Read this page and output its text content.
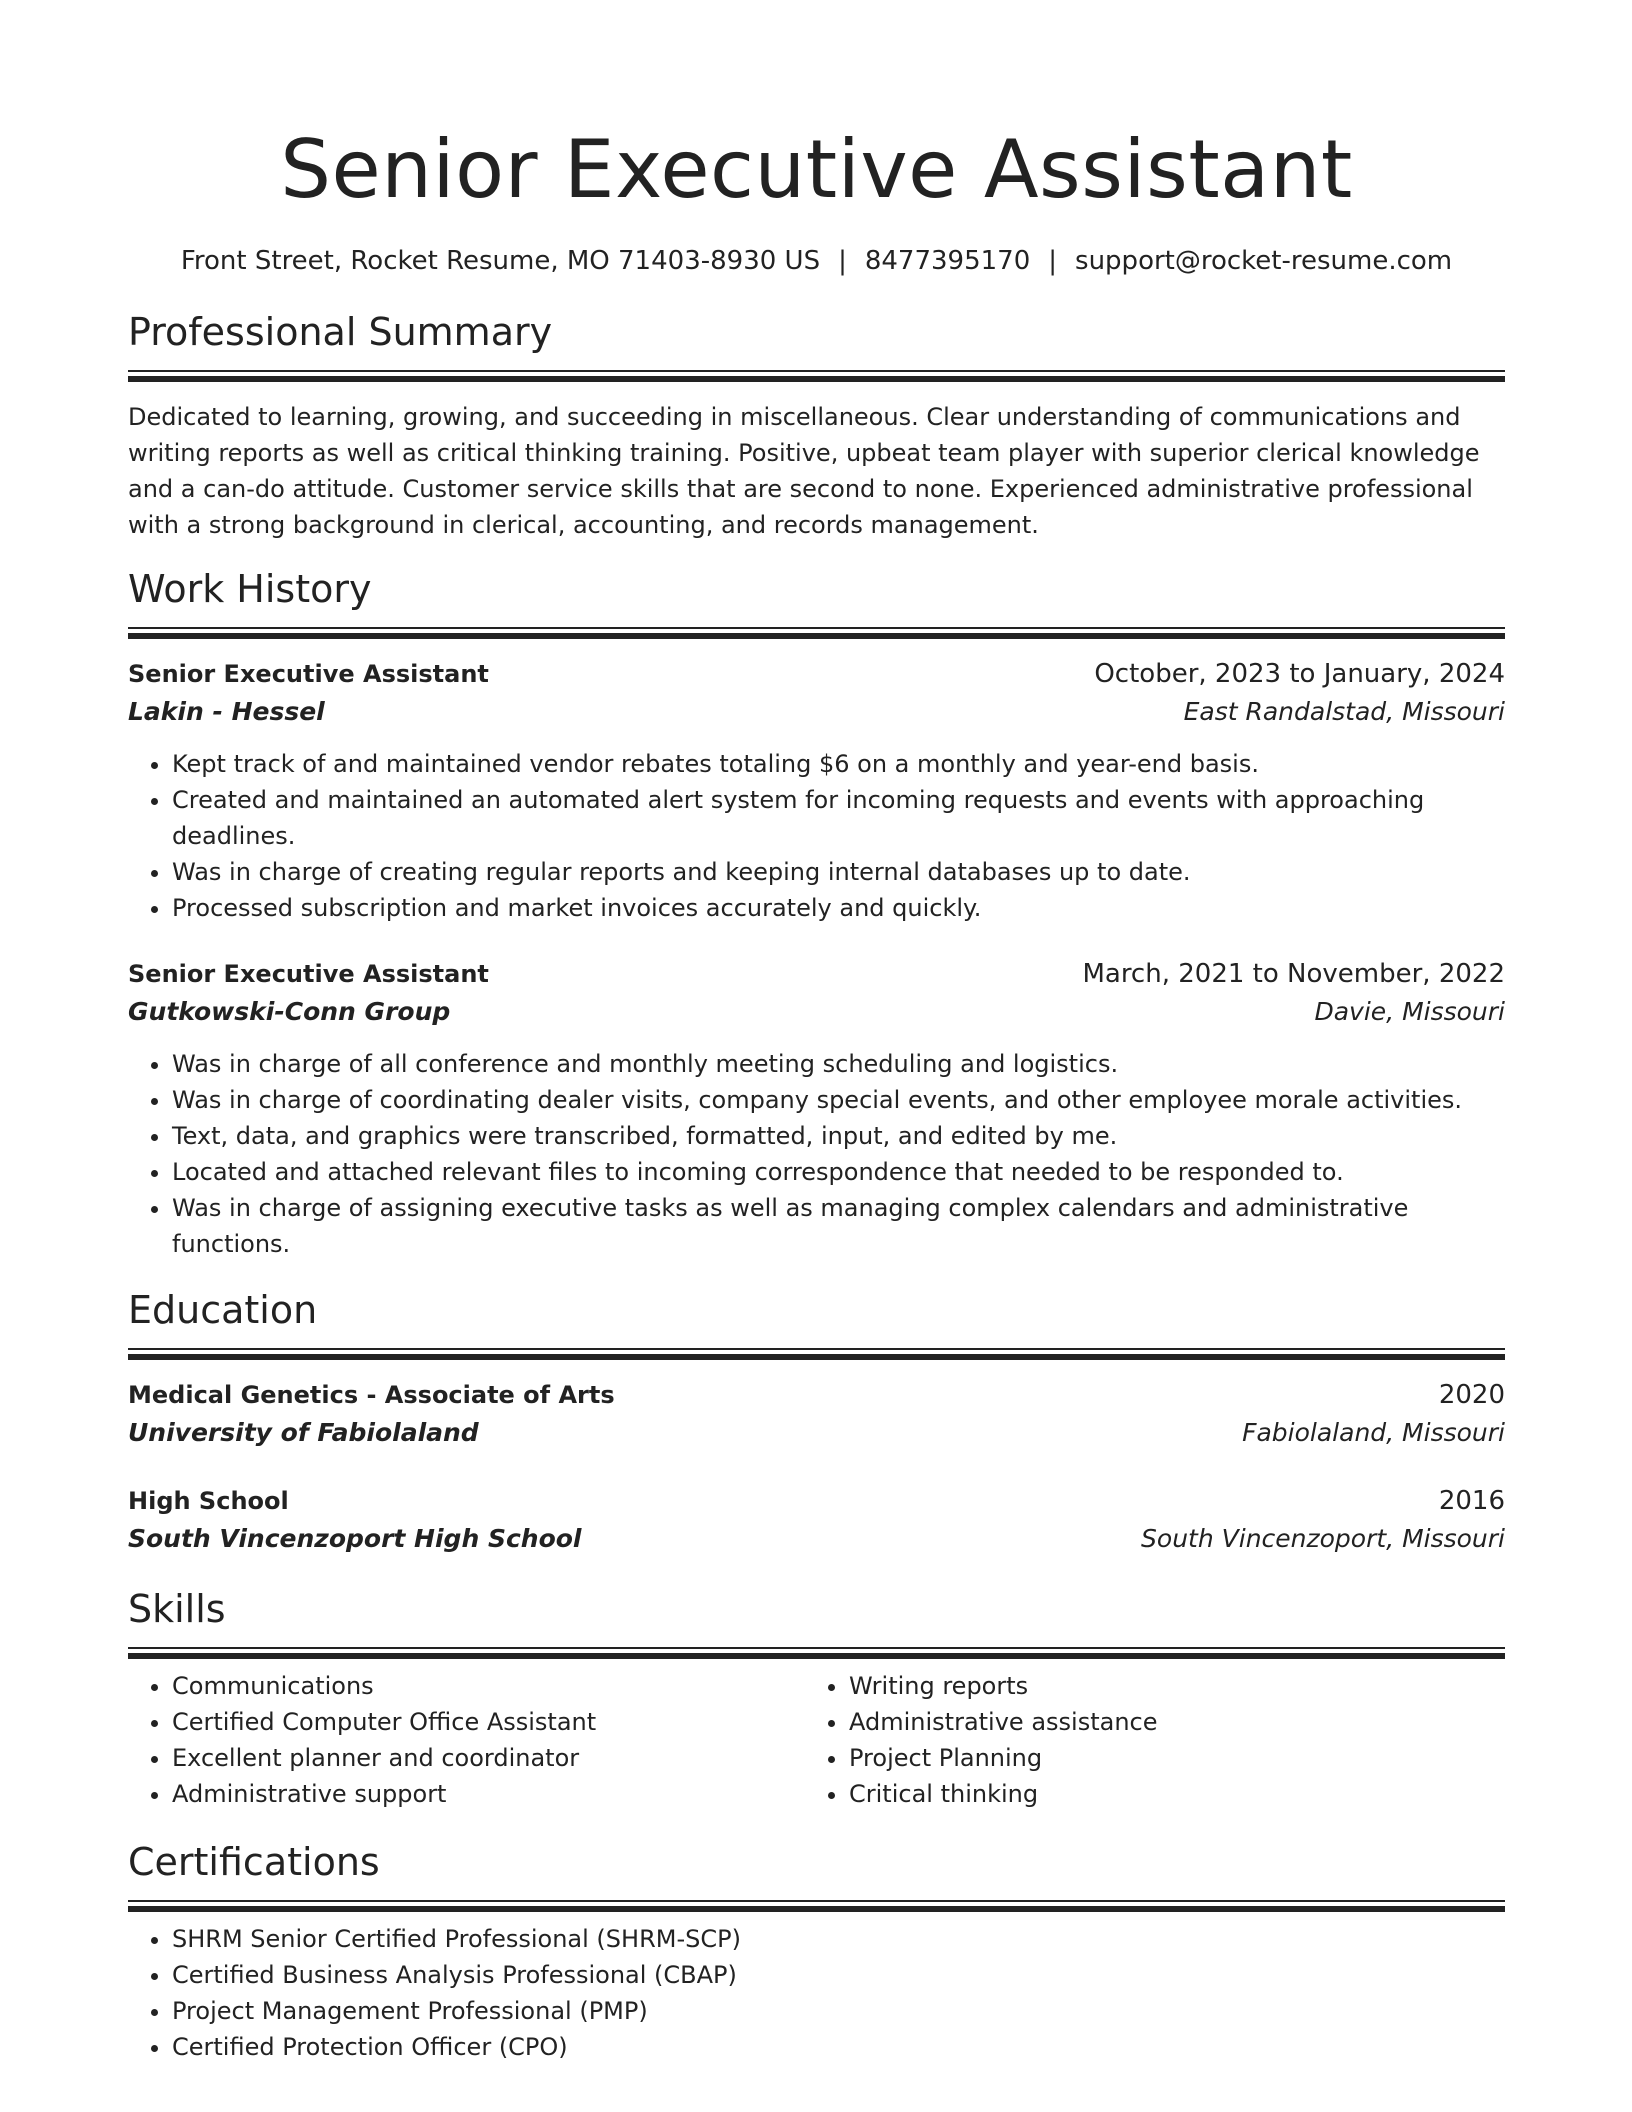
Senior Executive Assistant
Front Street, Rocket Resume, MO 71403-8930 US | 8477395170 | support@rocket-resume.com
Professional Summary
Dedicated to learning, growing, and succeeding in miscellaneous. Clear understanding of communications and writing reports as well as critical thinking training. Positive, upbeat team player with superior clerical knowledge and a can-do attitude. Customer service skills that are second to none. Experienced administrative professional with a strong background in clerical, accounting, and records management.
Work History
Senior Executive Assistant	October, 2023 to January, 2024
Lakin - Hessel	East Randalstad, Missouri
• Kept track of and maintained vendor rebates totaling $6 on a monthly and year-end basis.
• Created and maintained an automated alert system for incoming requests and events with approaching deadlines.
• Was in charge of creating regular reports and keeping internal databases up to date.
• Processed subscription and market invoices accurately and quickly.
Senior Executive Assistant	March, 2021 to November, 2022
Gutkowski-Conn Group	Davie, Missouri
• Was in charge of all conference and monthly meeting scheduling and logistics.
• Was in charge of coordinating dealer visits, company special events, and other employee morale activities.
• Text, data, and graphics were transcribed, formatted, input, and edited by me.
• Located and attached relevant files to incoming correspondence that needed to be responded to.
• Was in charge of assigning executive tasks as well as managing complex calendars and administrative functions.
Education
Medical Genetics - Associate of Arts	2020
University of Fabiolaland	Fabiolaland, Missouri
High School	2016
South Vincenzoport High School	South Vincenzoport, Missouri
Skills
• Communications
• Certified Computer Office Assistant
• Excellent planner and coordinator
• Administrative support
• Writing reports
• Administrative assistance
• Project Planning
• Critical thinking
Certifications
• SHRM Senior Certified Professional (SHRM-SCP)
• Certified Business Analysis Professional (CBAP)
• Project Management Professional (PMP)
• Certified Protection Officer (CPO)
